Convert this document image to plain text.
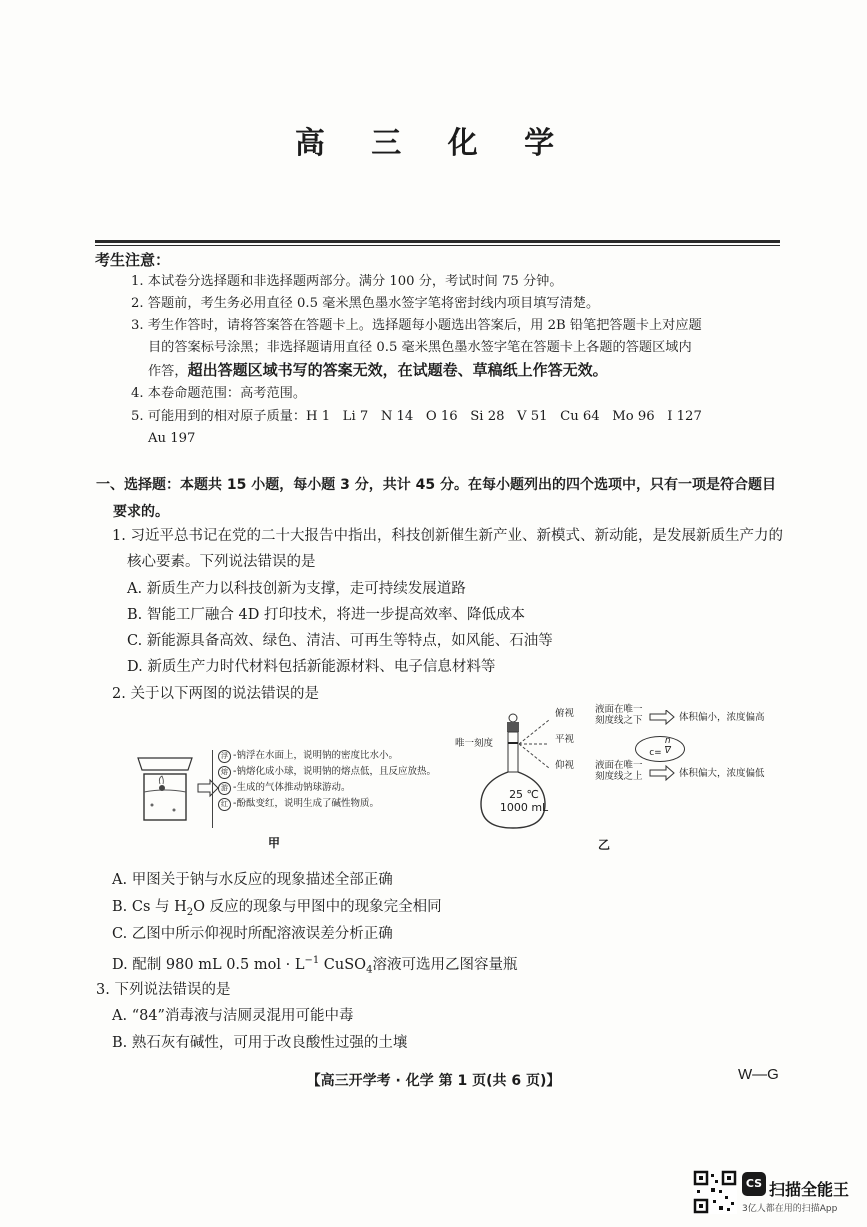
高 三 化 学
考生注意：
1. 本试卷分选择题和非选择题两部分。满分 100 分，考试时间 75 分钟。
2. 答题前，考生务必用直径 0.5 毫米黑色墨水签字笔将密封线内项目填写清楚。
3. 考生作答时，请将答案答在答题卡上。选择题每小题选出答案后，用 2B 铅笔把答题卡上对应题
目的答案标号涂黑；非选择题请用直径 0.5 毫米黑色墨水签字笔在答题卡上各题的答题区域内
作答，超出答题区域书写的答案无效，在试题卷、草稿纸上作答无效。
4. 本卷命题范围：高考范围。
5. 可能用到的相对原子质量：H 1   Li 7   N 14   O 16   Si 28   V 51   Cu 64   Mo 96   I 127
Au 197
一、选择题：本题共 15 小题，每小题 3 分，共计 45 分。在每小题列出的四个选项中，只有一项是符合题目
要求的。
1. 习近平总书记在党的二十大报告中指出，科技创新催生新产业、新模式、新动能，是发展新质生产力的
核心要素。下列说法错误的是
A. 新质生产力以科技创新为支撑，走可持续发展道路
B. 智能工厂融合 4D 打印技术，将进一步提高效率、降低成本
C. 新能源具备高效、绿色、清洁、可再生等特点，如风能、石油等
D. 新质生产力时代材料包括新能源材料、电子信息材料等
2. 关于以下两图的说法错误的是
浮 -钠浮在水面上，说明钠的密度比水小。
熔 -钠熔化成小球，说明钠的熔点低，且反应放热。
游 -生成的气体推动钠球游动。
红 -酚酞变红，说明生成了碱性物质。
甲
唯一刻度
25 ℃
1000 mL
俯视
平视
仰视
液面在唯一
刻度线之下
液面在唯一
刻度线之上
体积偏小，浓度偏高
体积偏大，浓度偏低
$c= \frac{n}{V}$
乙
A. 甲图关于钠与水反应的现象描述全部正确
B. Cs 与 $H_2O$ 反应的现象与甲图中的现象完全相同
C. 乙图中所示仰视时所配溶液误差分析正确
D. 配制 980 mL 0.5 mol · $L^{-1}$ CuSO$_4$溶液可选用乙图容量瓶
3. 下列说法错误的是
A. “84”消毒液与洁厕灵混用可能中毒
B. 熟石灰有碱性，可用于改良酸性过强的土壤
【高三开学考 · 化学 第 1 页(共 6 页)】	W—G
CS 扫描全能王
3亿人都在用的扫描App
